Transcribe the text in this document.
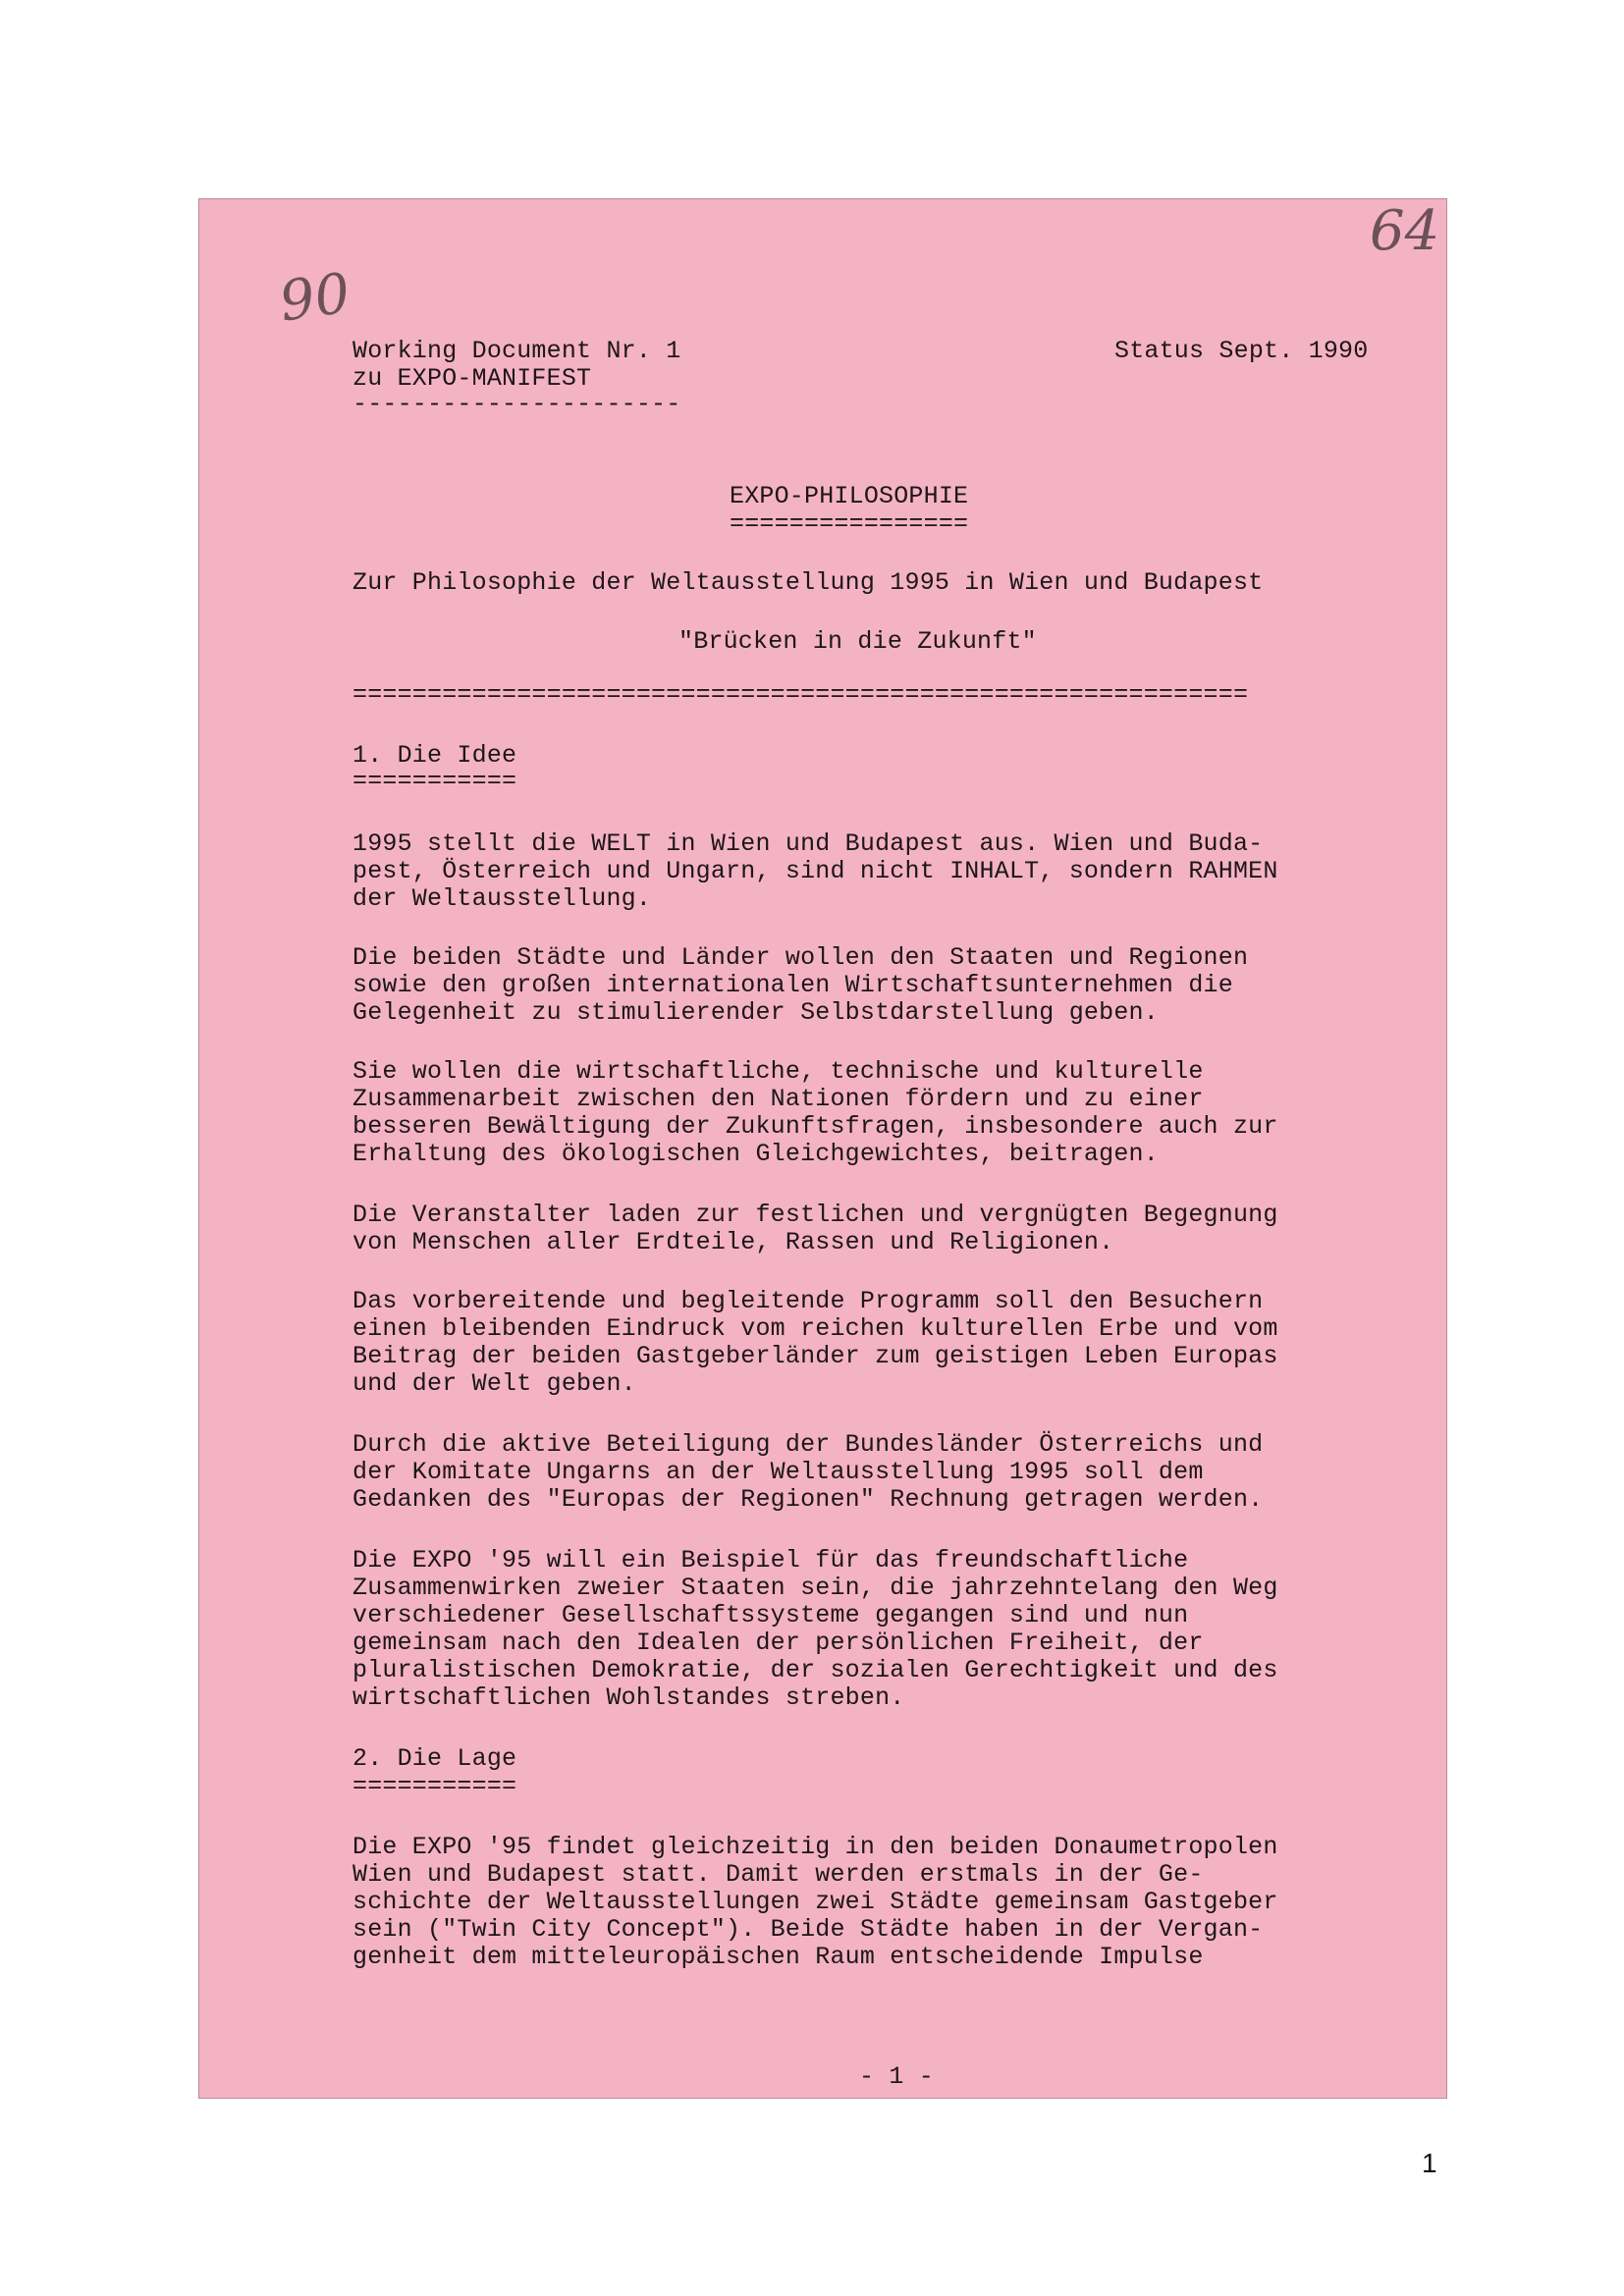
64
90
Working Document Nr. 1	Status Sept. 1990
zu EXPO-MANIFEST
----------------------
EXPO-PHILOSOPHIE
================
Zur Philosophie der Weltausstellung 1995 in Wien und Budapest
"Brücken in die Zukunft"
============================================================
1. Die Idee
===========
1995 stellt die WELT in Wien und Budapest aus. Wien und Buda-
pest, Österreich und Ungarn, sind nicht INHALT, sondern RAHMEN
der Weltausstellung.
Die beiden Städte und Länder wollen den Staaten und Regionen
sowie den großen internationalen Wirtschaftsunternehmen die
Gelegenheit zu stimulierender Selbstdarstellung geben.
Sie wollen die wirtschaftliche, technische und kulturelle
Zusammenarbeit zwischen den Nationen fördern und zu einer
besseren Bewältigung der Zukunftsfragen, insbesondere auch zur
Erhaltung des ökologischen Gleichgewichtes, beitragen.
Die Veranstalter laden zur festlichen und vergnügten Begegnung
von Menschen aller Erdteile, Rassen und Religionen.
Das vorbereitende und begleitende Programm soll den Besuchern
einen bleibenden Eindruck vom reichen kulturellen Erbe und vom
Beitrag der beiden Gastgeberländer zum geistigen Leben Europas
und der Welt geben.
Durch die aktive Beteiligung der Bundesländer Österreichs und
der Komitate Ungarns an der Weltausstellung 1995 soll dem
Gedanken des "Europas der Regionen" Rechnung getragen werden.
Die EXPO '95 will ein Beispiel für das freundschaftliche
Zusammenwirken zweier Staaten sein, die jahrzehntelang den Weg
verschiedener Gesellschaftssysteme gegangen sind und nun
gemeinsam nach den Idealen der persönlichen Freiheit, der
pluralistischen Demokratie, der sozialen Gerechtigkeit und des
wirtschaftlichen Wohlstandes streben.
2. Die Lage
===========
Die EXPO '95 findet gleichzeitig in den beiden Donaumetropolen
Wien und Budapest statt. Damit werden erstmals in der Ge-
schichte der Weltausstellungen zwei Städte gemeinsam Gastgeber
sein ("Twin City Concept"). Beide Städte haben in der Vergan-
genheit dem mitteleuropäischen Raum entscheidende Impulse
- 1 -
1
